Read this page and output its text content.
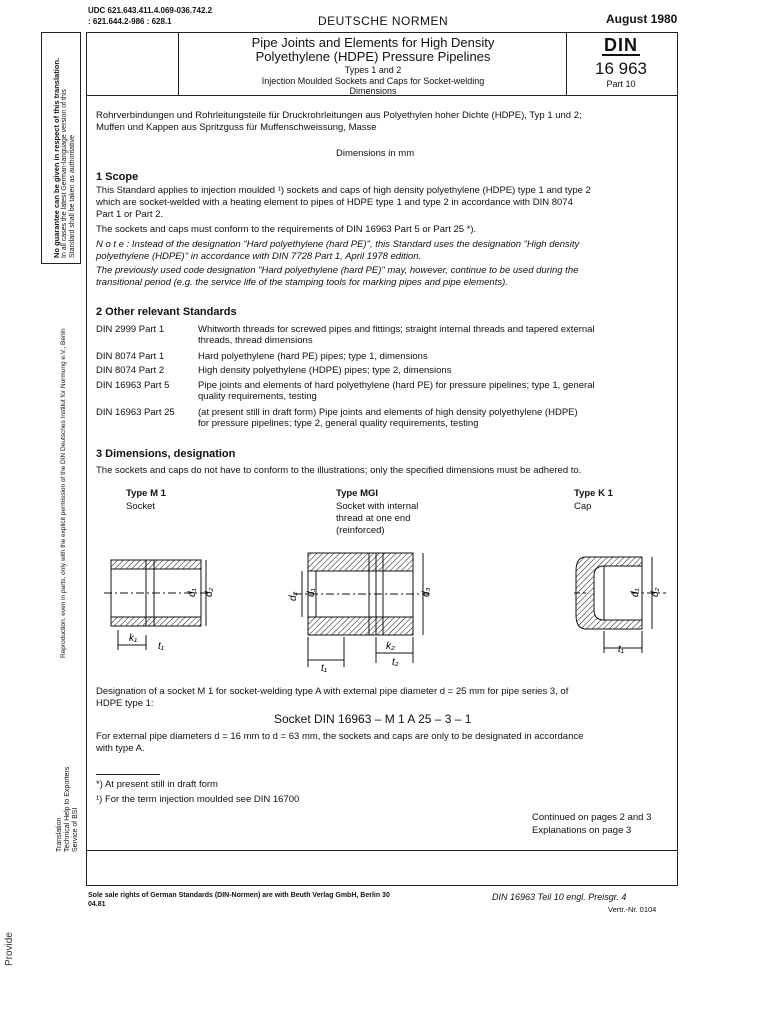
UDC 621.643.411.4.069-036.742.2
: 621.644.2-986 : 628.1	DEUTSCHE NORMEN	August 1980
Pipe Joints and Elements for High Density
Polyethylene (HDPE) Pressure Pipelines
Types 1 and 2
Injection Moulded Sockets and Caps for Socket-welding
Dimensions
DIN
16 963
Part 10
No guarantee can be given in respect of this translation. In all cases the latest German-language version of this Standard shall be taken as authoritative
Reproduction, even in parts, only with the explicit permission of the DIN Deutsches Institut für Normung e.V., Berlin
Translation Technical Help to Exporters Service of BSI
Provide
Rohrverbindungen und Rohrleitungsteile für Druckrohrleitungen aus Polyethylen hoher Dichte (HDPE), Typ 1 und 2;
Muffen und Kappen aus Spritzguss für Muffenschweissung, Masse
Dimensions in mm
1 Scope
This Standard applies to injection moulded ¹) sockets and caps of high density polyethylene (HDPE) type 1 and type 2
which are socket-welded with a heating element to pipes of HDPE type 1 and type 2 in accordance with DIN 8074
Part 1 or Part 2.
The sockets and caps must conform to the requirements of DIN 16963 Part 5 or Part 25 *).
N o t e : Instead of the designation "Hard polyethylene (hard PE)", this Standard uses the designation "High density
polyethylene (HDPE)" in accordance with DIN 7728 Part 1, April 1978 edition.
The previously used code designation "Hard polyethylene (hard PE)" may, however, continue to be used during the
transitional period (e.g. the service life of the stamping tools for marking pipes and pipe elements).
2 Other relevant Standards
DIN 2999 Part 1	Whitworth threads for screwed pipes and fittings; straight internal threads and tapered external
threads, thread dimensions
DIN 8074 Part 1	Hard polyethylene (hard PE) pipes; type 1, dimensions
DIN 8074 Part 2	High density polyethylene (HDPE) pipes; type 2, dimensions
DIN 16963 Part 5	Pipe joints and elements of hard polyethylene (hard PE) for pressure pipelines; type 1, general
quality requirements, testing
DIN 16963 Part 25	(at present still in draft form) Pipe joints and elements of high density polyethylene (HDPE)
for pressure pipelines; type 2, general quality requirements, testing
3 Dimensions, designation
The sockets and caps do not have to conform to the illustrations; only the specified dimensions must be adhered to.
Type M 1
Socket
Type MGI
Socket with internal
thread at one end
(reinforced)
Type K 1
Cap
d₁ d₂
k₁
t₁
d₂ d₁	d₃
k₂
t₁
t₂
d₁ d₂
t₁
Designation of a socket M 1 for socket-welding type A with external pipe diameter d = 25 mm for pipe series 3, of
HDPE type 1:
Socket DIN 16963 – M 1 A 25 – 3 – 1
For external pipe diameters d = 16 mm to d = 63 mm, the sockets and caps are only to be designated in accordance
with type A.
*) At present still in draft form
¹) For the term injection moulded see DIN 16700
Continued on pages 2 and 3
Explanations on page 3
Sole sale rights of German Standards (DIN-Normen) are with Beuth Verlag GmbH, Berlin 30
04.81
DIN 16963 Teil 10 engl. Preisgr. 4
Vertr.-Nr. 0104
